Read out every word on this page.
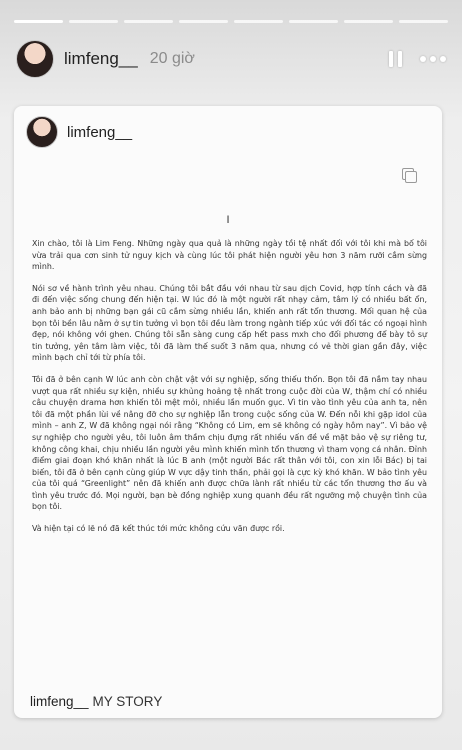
limfeng__ 20 giờ
limfeng__
I

Xin chào, tôi là Lim Feng. Những ngày qua quả là những ngày tồi tệ nhất đối với tôi khi mà bố tôi vừa trải qua cơn sinh tử nguy kịch và cùng lúc tôi phát hiện người yêu hơn 3 năm rưỡi cắm sừng mình.

Nói sơ về hành trình yêu nhau. Chúng tôi bắt đầu với nhau từ sau dịch Covid, hợp tính cách và đã đi đến việc sống chung đến hiện tại. W lúc đó là một người rất nhạy cảm, tâm lý có nhiều bất ổn, anh bảo anh bị những bạn gái cũ cắm sừng nhiều lần, khiến anh rất tổn thương. Mối quan hệ của bọn tôi bền lâu nằm ở sự tin tưởng vì bọn tôi đều làm trong ngành tiếp xúc với đối tác có ngoại hình đẹp, nói không với ghen. Chúng tôi sẵn sàng cung cấp hết pass mxh cho đối phương để bày tỏ sự tin tưởng, yên tâm làm việc, tôi đã làm thế suốt 3 năm qua, nhưng có vẻ thời gian gần đây, việc mình bạch chỉ tới từ phía tôi.

Tôi đã ở bên cạnh W lúc anh còn chật vật với sự nghiệp, sống thiếu thốn. Bọn tôi đã nắm tay nhau vượt qua rất nhiều sự kiện, nhiều sự khủng hoảng tệ nhất trong cuộc đời của W, thậm chí có nhiều câu chuyện drama hơn khiến tôi mệt mỏi, nhiều lần muốn gục. Vì tin vào tình yêu của anh ta, nên tôi đã một phần lùi về nâng đỡ cho sự nghiệp lẫn trong cuộc sống của W. Đến nỗi khi gặp idol của mình – anh Z, W đã không ngại nói rằng “Không có Lim, em sẽ không có ngày hôm nay”. Vì bảo vệ sự nghiệp cho người yêu, tôi luôn âm thầm chịu đựng rất nhiều vấn đề về mặt bảo vệ sự riêng tư, không công khai, chịu nhiều lần người yêu mình khiến mình tổn thương vì tham vọng cá nhân. Đỉnh điểm giai đoạn khó khăn nhất là lúc B anh (một người Bác rất thân với tôi, con xin lỗi Bác) bị tai biến, tôi đã ở bên cạnh cùng giúp W vực dậy tinh thần, phải gọi là cực kỳ khó khăn. W bảo tình yêu của tôi quá “Greenlight” nên đã khiến anh được chữa lành rất nhiều từ các tổn thương thơ ấu và tình yêu trước đó. Mọi người, bạn bè đồng nghiệp xung quanh đều rất ngưỡng mộ chuyện tình của bọn tôi.

Và hiện tại có lẽ nó đã kết thúc tới mức không cứu vãn được rồi.

limfeng__ MY STORY
